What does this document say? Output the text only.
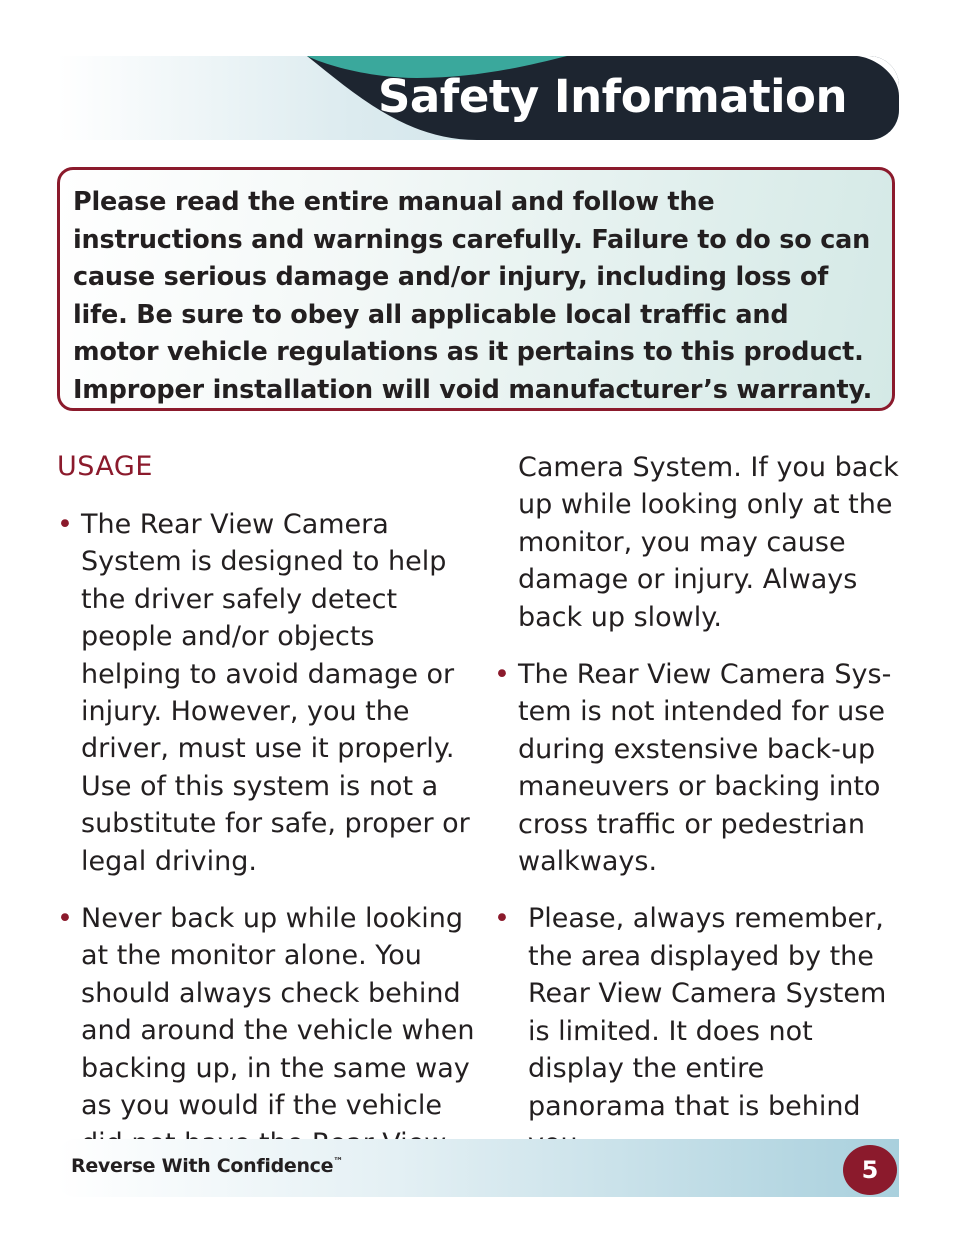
Safety Information

Please read the entire manual and follow the instructions and warnings carefully. Failure to do so can cause serious damage and/or injury, including loss of life. Be sure to obey all applicable local traffic and motor vehicle regulations as it pertains to this product. Improper installation will void manufacturer’s warranty.

USAGE
• The Rear View Camera System is designed to help the driver safely detect people and/or objects helping to avoid damage or injury. However, you the driver, must use it properly. Use of this system is not a substitute for safe, proper or legal driving.

• Never back up while looking at the monitor alone. You should always check behind and around the vehicle when backing up, in the same way as you would if the vehicle

Camera System. If you back up while looking only at the monitor, you may cause damage or injury. Always back up slowly.

• The Rear View Camera Sys-tem is not intended for use during exstensive back-up maneuvers or backing into cross traffic or pedestrian walkways.

• Please, always remember, the area displayed by the Rear View Camera System is limited. It does not display the entire panorama that is behind

Reverse With Confidence™	5
